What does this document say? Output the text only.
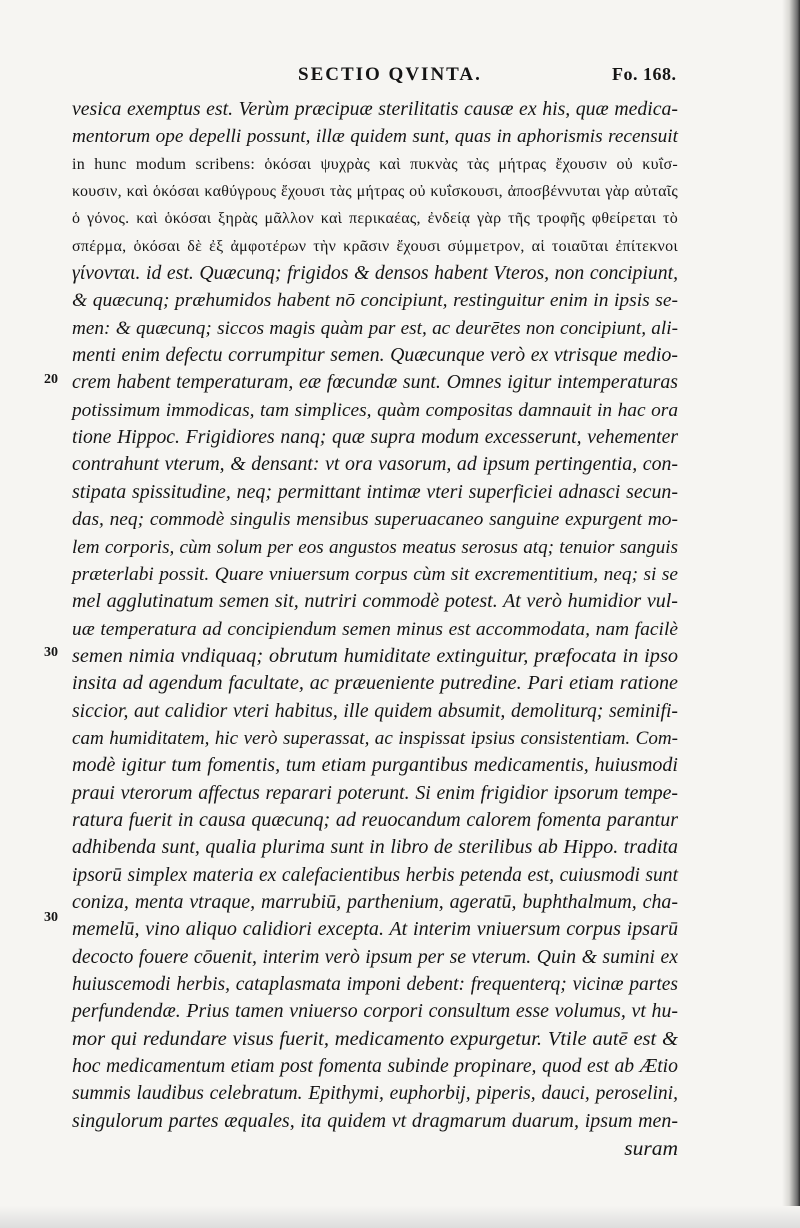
SECTIO QVINTA.	Fo. 168.
20
30
30
vesica exemptus est. Verùm præcipuæ sterilitatis causæ ex his, quæ medica-
mentorum ope depelli possunt, illæ quidem sunt, quas in aphorismis recensuit
in hunc modum scribens: ὁκόσαι ψυχρὰς καὶ πυκνὰς τὰς μήτρας ἔχουσιν οὐ κυΐσ-
κουσιν, καὶ ὁκόσαι καθύγρους ἔχουσι τὰς μήτρας οὐ κυΐσκουσι, ἀποσβέννυται γὰρ αὐταῖς
ὁ γόνος. καὶ ὁκόσαι ξηρὰς μᾶλλον καὶ περικαέας, ἐνδείᾳ γὰρ τῆς τροφῆς φθείρεται τὸ
σπέρμα, ὁκόσαι δὲ ἐξ ἀμφοτέρων τὴν κρᾶσιν ἔχουσι σύμμετρον, αἱ τοιαῦται ἐπίτεκνοι
γίνονται. id est. Quæcunq; frigidos & densos habent Vteros, non concipiunt,
& quæcunq; præhumidos habent nō concipiunt, restinguitur enim in ipsis se-
men: & quæcunq; siccos magis quàm par est, ac deurētes non concipiunt, ali-
menti enim defectu corrumpitur semen. Quæcunque verò ex vtrisque medio-
crem habent temperaturam, eæ fœcundæ sunt. Omnes igitur intemperaturas
potissimum immodicas, tam simplices, quàm compositas damnauit in hac ora
tione Hippoc. Frigidiores nanq; quæ supra modum excesserunt, vehementer
contrahunt vterum, & densant: vt ora vasorum, ad ipsum pertingentia, con-
stipata spissitudine, neq; permittant intimæ vteri superficiei adnasci secun-
das, neq; commodè singulis mensibus superuacaneo sanguine expurgent mo-
lem corporis, cùm solum per eos angustos meatus serosus atq; tenuior sanguis
præterlabi possit. Quare vniuersum corpus cùm sit excrementitium, neq; si se
mel agglutinatum semen sit, nutriri commodè potest. At verò humidior vul-
uæ temperatura ad concipiendum semen minus est accommodata, nam facilè
semen nimia vndiquaq; obrutum humiditate extinguitur, præfocata in ipso
insita ad agendum facultate, ac præueniente putredine. Pari etiam ratione
siccior, aut calidior vteri habitus, ille quidem absumit, demoliturq; seminifi-
cam humiditatem, hic verò superassat, ac inspissat ipsius consistentiam. Com-
modè igitur tum fomentis, tum etiam purgantibus medicamentis, huiusmodi
praui vterorum affectus reparari poterunt. Si enim frigidior ipsorum tempe-
ratura fuerit in causa quæcunq; ad reuocandum calorem fomenta parantur
adhibenda sunt, qualia plurima sunt in libro de sterilibus ab Hippo. tradita
ipsorū simplex materia ex calefacientibus herbis petenda est, cuiusmodi sunt
coniza, menta vtraque, marrubiū, parthenium, ageratū, buphthalmum, cha-
memelū, vino aliquo calidiori excepta. At interim vniuersum corpus ipsarū
decocto fouere cōuenit, interim verò ipsum per se vterum. Quin & sumini ex
huiuscemodi herbis, cataplasmata imponi debent: frequenterq; vicinæ partes
perfundendæ. Prius tamen vniuerso corpori consultum esse volumus, vt hu-
mor qui redundare visus fuerit, medicamento expurgetur. Vtile autē est &
hoc medicamentum etiam post fomenta subinde propinare, quod est ab Ætio
summis laudibus celebratum. Epithymi, euphorbij, piperis, dauci, peroselini,
singulorum partes æquales, ita quidem vt dragmarum duarum, ipsum men-
suram
